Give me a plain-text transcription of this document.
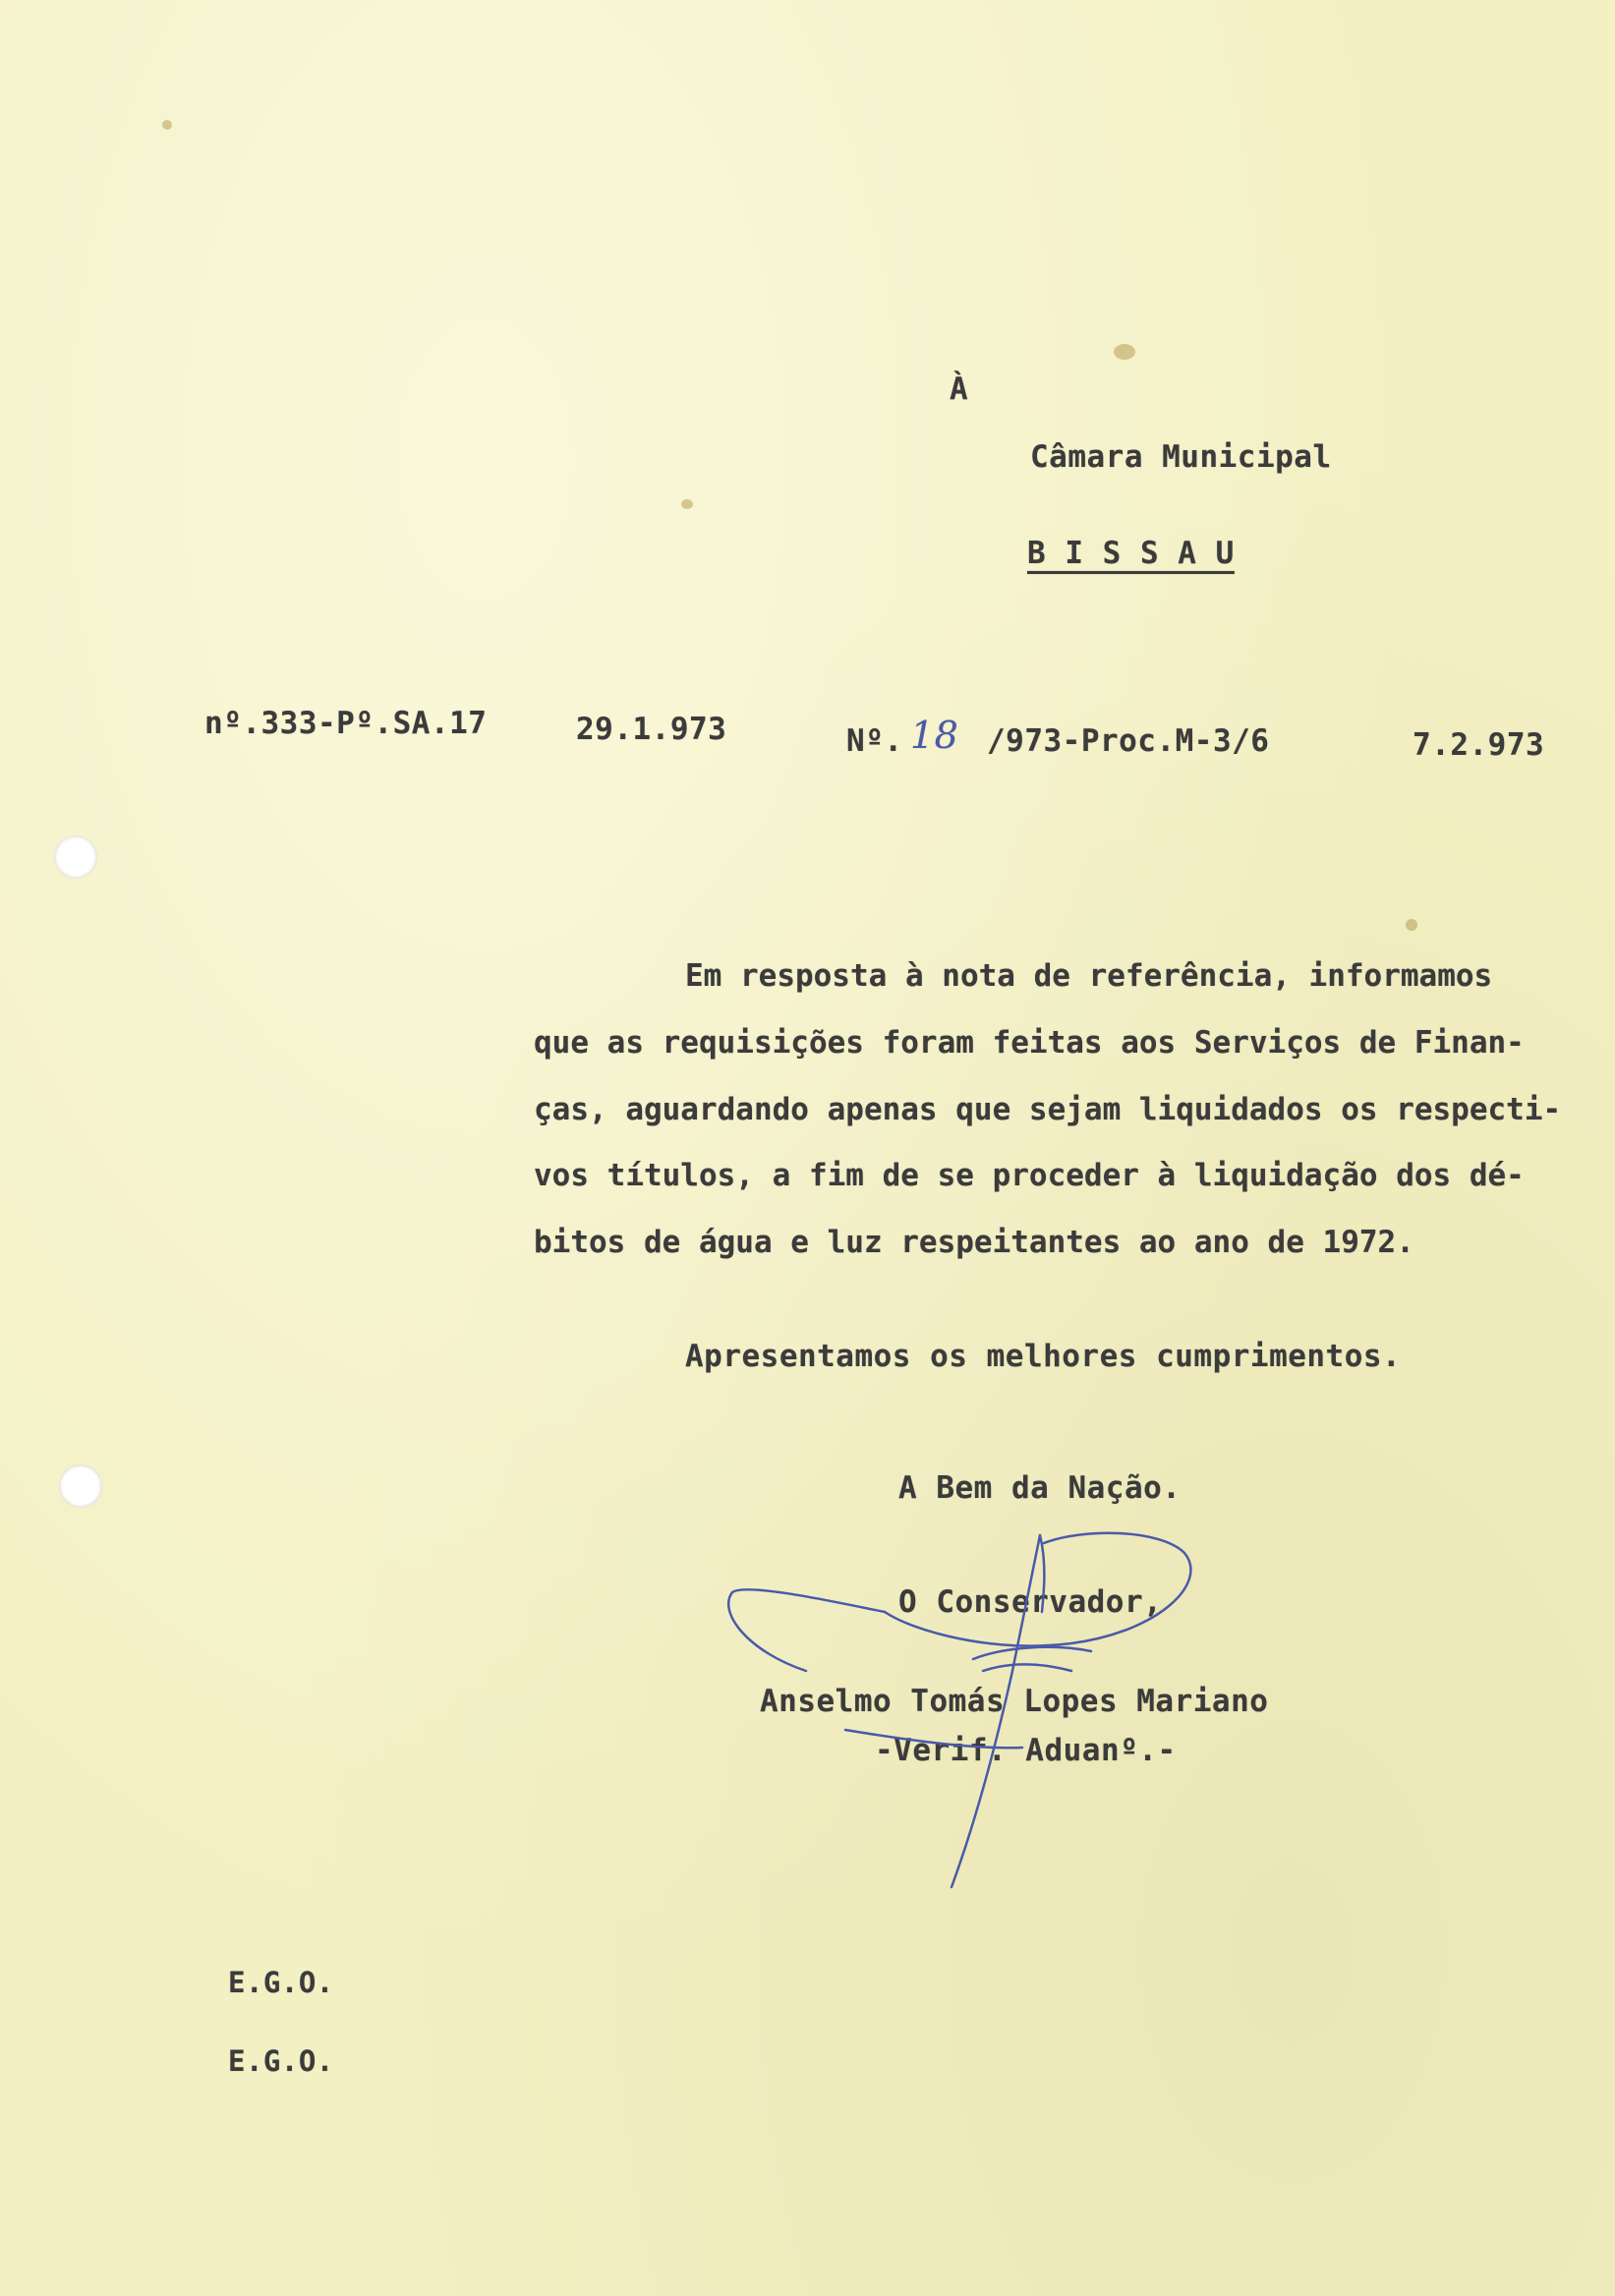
À
Câmara Municipal
B I S S A U
nº.333-Pº.SA.17	29.1.973	Nº. 18 /973-Proc.M-3/6	7.2.973
Em resposta à nota de referência, informamos
que as requisições foram feitas aos Serviços de Finan-
ças, aguardando apenas que sejam liquidados os respecti-
vos títulos, a fim de se proceder à liquidação dos dé-
bitos de água e luz respeitantes ao ano de 1972.
Apresentamos os melhores cumprimentos.
A Bem da Nação.
O Conservador,
Anselmo Tomás Lopes Mariano
-Verif. Aduanº.-
E.G.O.
E.G.O.
